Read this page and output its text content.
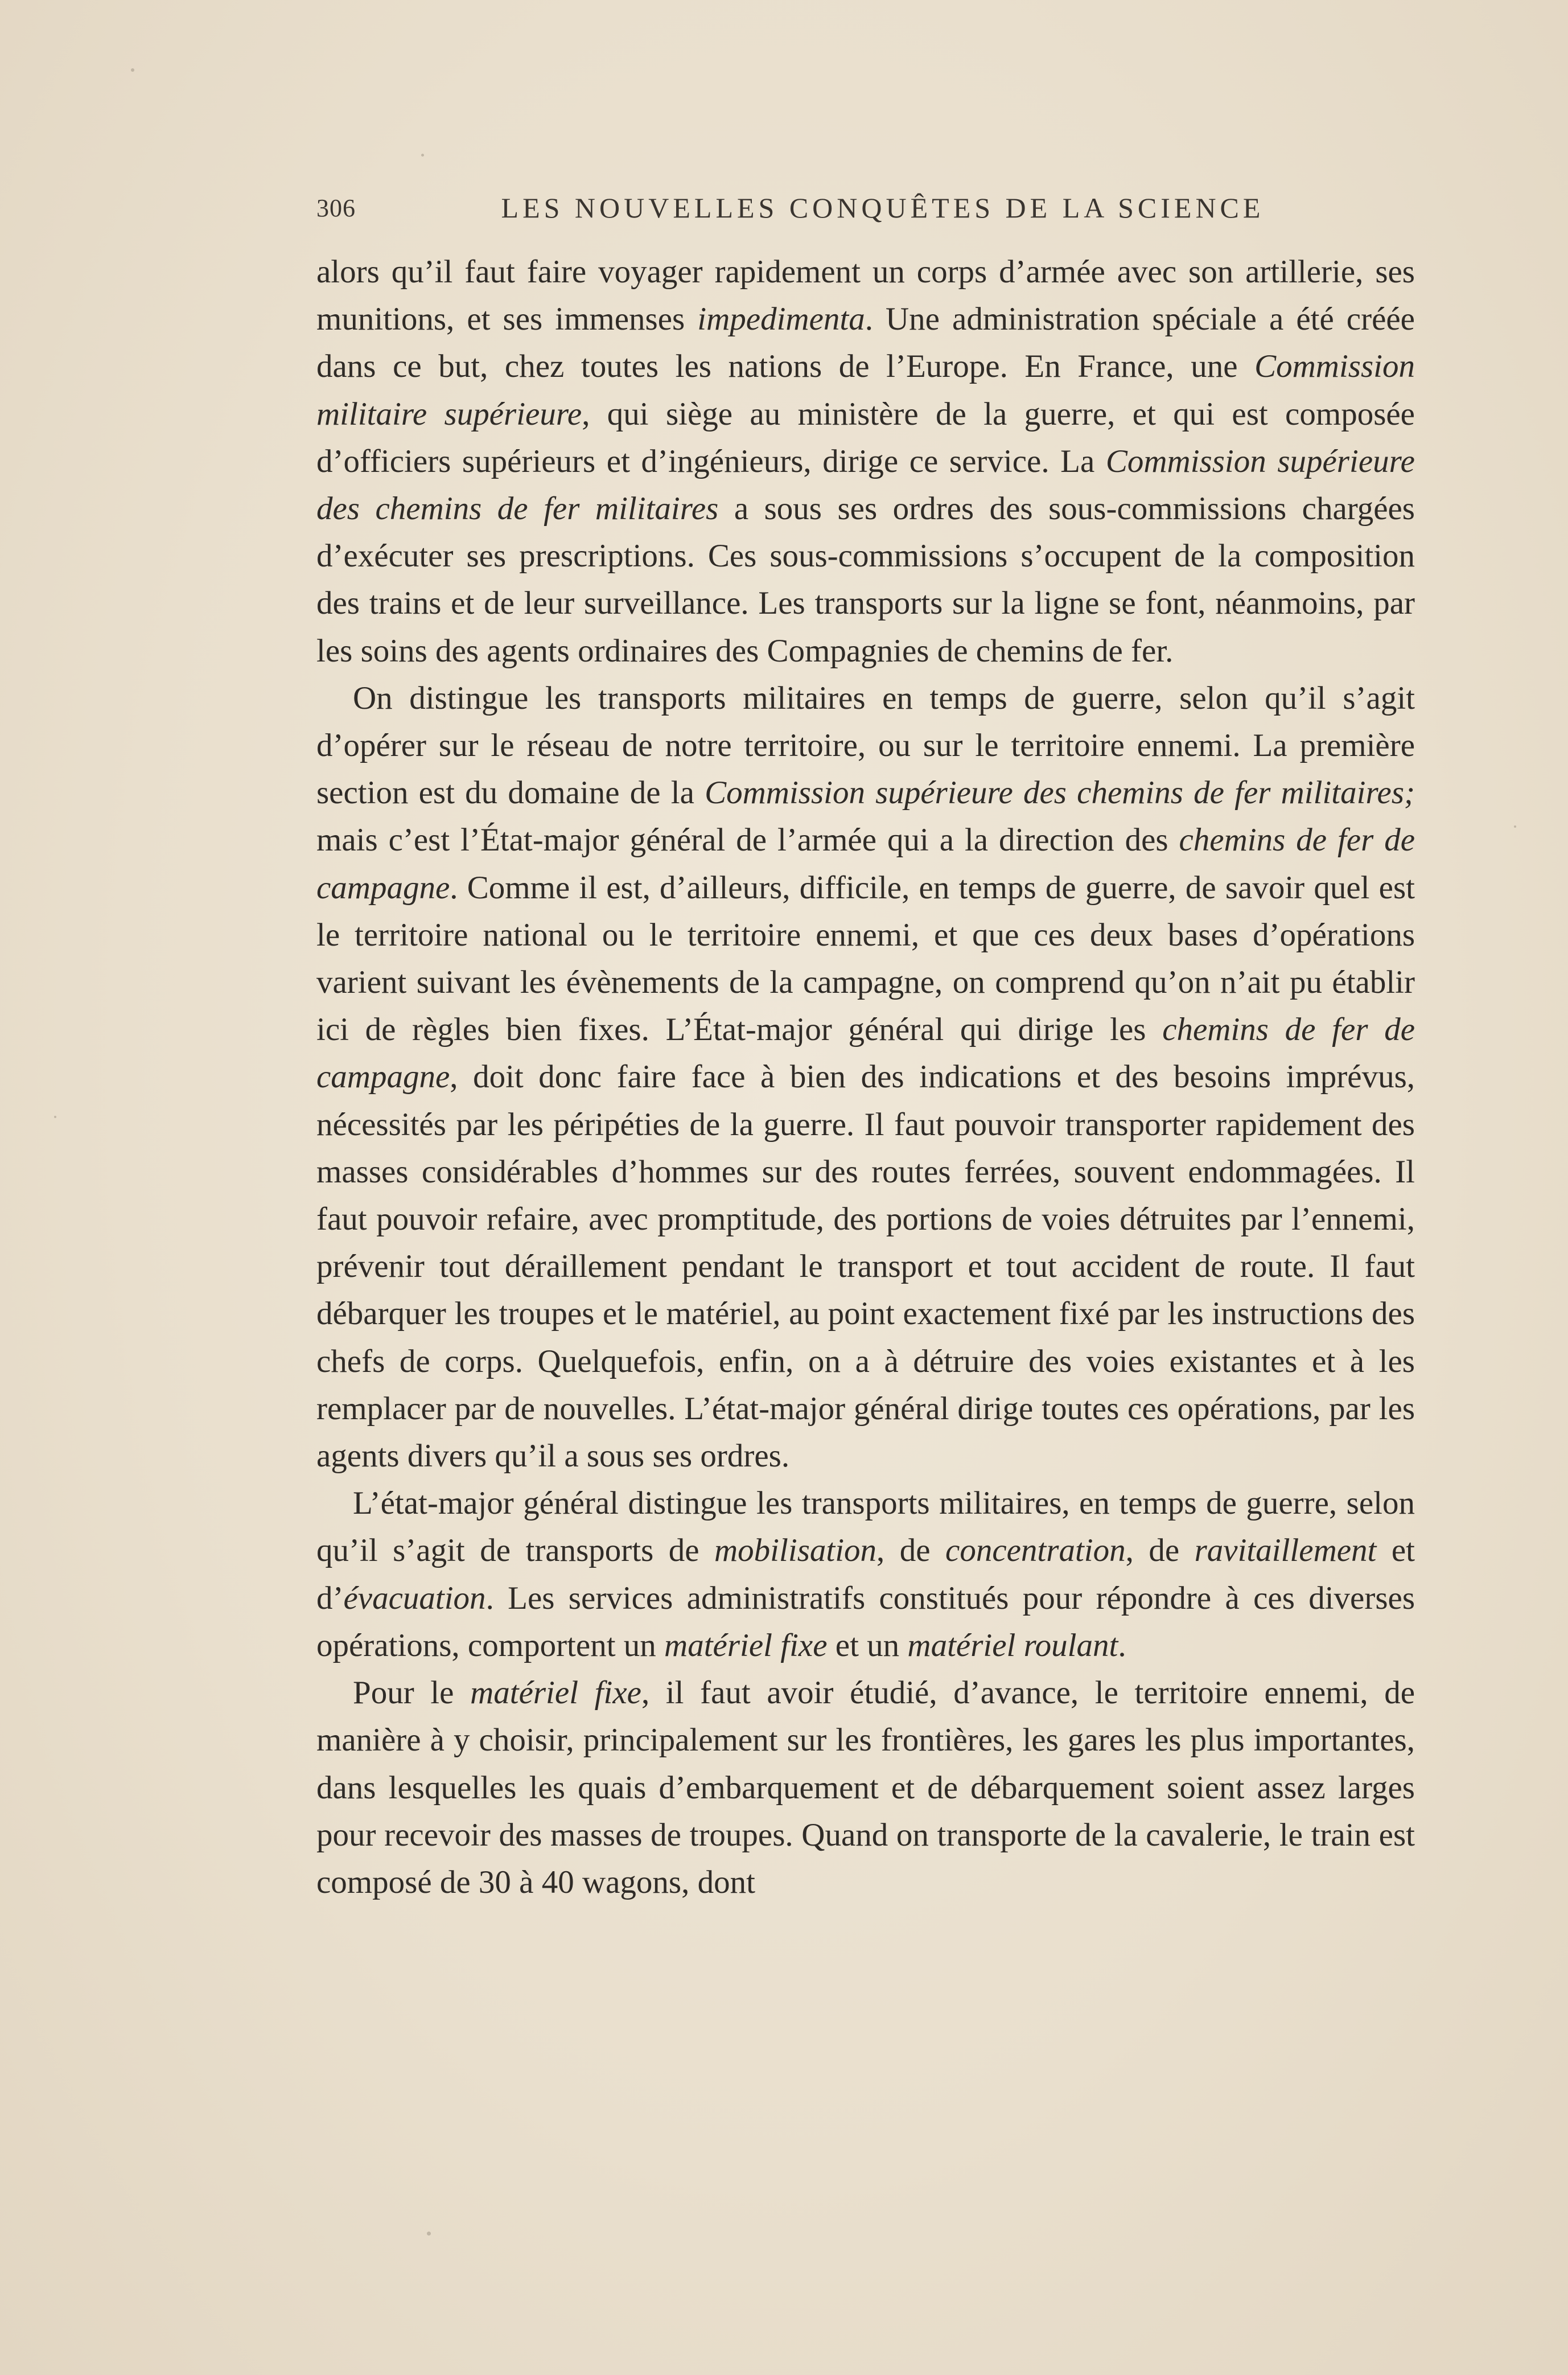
306	LES NOUVELLES CONQUÊTES DE LA SCIENCE

alors qu’il faut faire voyager rapidement un corps d’armée avec son artillerie, ses munitions, et ses immenses impedimenta. Une administration spéciale a été créée dans ce but, chez toutes les nations de l’Europe. En France, une Commission militaire supérieure, qui siège au ministère de la guerre, et qui est composée d’officiers supérieurs et d’ingénieurs, dirige ce service. La Commission supérieure des chemins de fer militaires a sous ses ordres des sous-commissions chargées d’exécuter ses prescriptions. Ces sous-commissions s’occupent de la composition des trains et de leur surveillance. Les transports sur la ligne se font, néanmoins, par les soins des agents ordinaires des Compagnies de chemins de fer.

On distingue les transports militaires en temps de guerre, selon qu’il s’agit d’opérer sur le réseau de notre territoire, ou sur le territoire ennemi. La première section est du domaine de la Commission supérieure des chemins de fer militaires; mais c’est l’État-major général de l’armée qui a la direction des chemins de fer de campagne. Comme il est, d’ailleurs, difficile, en temps de guerre, de savoir quel est le territoire national ou le territoire ennemi, et que ces deux bases d’opérations varient suivant les évènements de la campagne, on comprend qu’on n’ait pu établir ici de règles bien fixes. L’État-major général qui dirige les chemins de fer de campagne, doit donc faire face à bien des indications et des besoins imprévus, nécessités par les péripéties de la guerre. Il faut pouvoir transporter rapidement des masses considérables d’hommes sur des routes ferrées, souvent endommagées. Il faut pouvoir refaire, avec promptitude, des portions de voies détruites par l’ennemi, prévenir tout déraillement pendant le transport et tout accident de route. Il faut débarquer les troupes et le matériel, au point exactement fixé par les instructions des chefs de corps. Quelquefois, enfin, on a à détruire des voies existantes et à les remplacer par de nouvelles. L’état-major général dirige toutes ces opérations, par les agents divers qu’il a sous ses ordres.

L’état-major général distingue les transports militaires, en temps de guerre, selon qu’il s’agit de transports de mobilisation, de concentration, de ravitaillement et d’évacuation. Les services administratifs constitués pour répondre à ces diverses opérations, comportent un matériel fixe et un matériel roulant.

Pour le matériel fixe, il faut avoir étudié, d’avance, le territoire ennemi, de manière à y choisir, principalement sur les frontières, les gares les plus importantes, dans lesquelles les quais d’embarquement et de débarquement soient assez larges pour recevoir des masses de troupes. Quand on transporte de la cavalerie, le train est composé de 30 à 40 wagons, dont
